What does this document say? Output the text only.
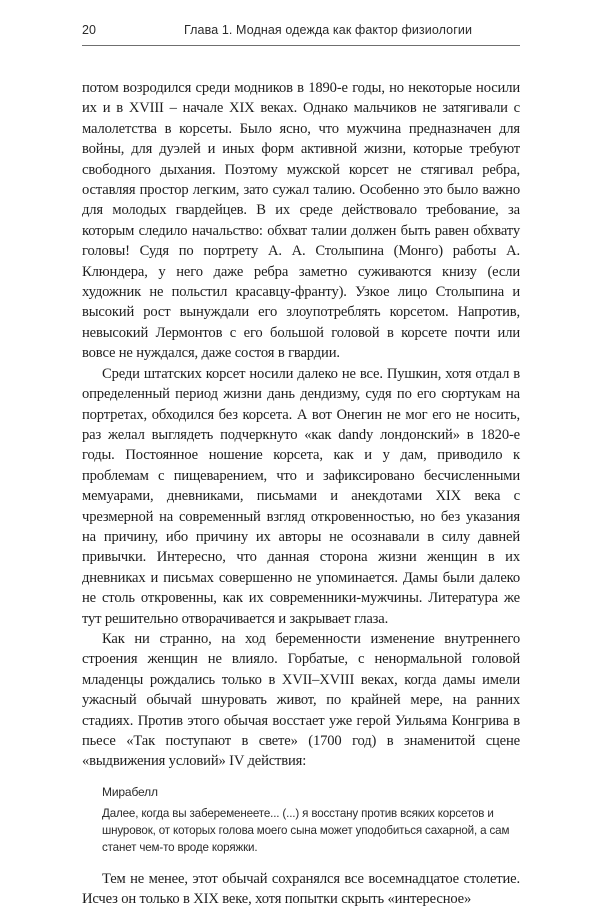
20	Глава 1. Модная одежда как фактор физиологии

потом возродился среди модников в 1890-е годы, но некоторые носили их и в XVIII – начале XIX веках. Однако мальчиков не затягивали с малолетства в корсеты. Было ясно, что мужчина предназначен для войны, для дуэлей и иных форм активной жизни, которые требуют свободного дыхания. Поэтому мужской корсет не стягивал ребра, оставляя простор легким, зато сужал талию. Особенно это было важно для молодых гвардейцев. В их среде действовало требование, за которым следило начальство: обхват талии должен быть равен обхвату головы! Судя по портрету А. А. Столыпина (Монго) работы А. Клюндера, у него даже ребра заметно суживаются книзу (если художник не польстил красавцу-франту). Узкое лицо Столыпина и высокий рост вынуждали его злоупотреблять корсетом. Напротив, невысокий Лермонтов с его большой головой в корсете почти или вовсе не нуждался, даже состоя в гвардии.

Среди штатских корсет носили далеко не все. Пушкин, хотя отдал в определенный период жизни дань дендизму, судя по его сюртукам на портретах, обходился без корсета. А вот Онегин не мог его не носить, раз желал выглядеть подчеркнуто «как dandy лондонский» в 1820-е годы. Постоянное ношение корсета, как и у дам, приводило к проблемам с пищеварением, что и зафиксировано бесчисленными мемуарами, дневниками, письмами и анекдотами XIX века с чрезмерной на современный взгляд откровенностью, но без указания на причину, ибо причину их авторы не осознавали в силу давней привычки. Интересно, что данная сторона жизни женщин в их дневниках и письмах совершенно не упоминается. Дамы были далеко не столь откровенны, как их современники-мужчины. Литература же тут решительно отворачивается и закрывает глаза.

Как ни странно, на ход беременности изменение внутреннего строения женщин не влияло. Горбатые, с ненормальной головой младенцы рождались только в XVII–XVIII веках, когда дамы имели ужасный обычай шнуровать живот, по крайней мере, на ранних стадиях. Против этого обычая восстает уже герой Уильяма Конгрива в пьесе «Так поступают в свете» (1700 год) в знаменитой сцене «выдвижения условий» IV действия:

Мирабелл

Далее, когда вы забеременеете... (...) я восстану против всяких корсетов и шнуровок, от которых голова моего сына может уподобиться сахарной, а сам станет чем-то вроде коряжки.

Тем не менее, этот обычай сохранялся все восемнадцатое столетие. Исчез он только в XIX веке, хотя попытки скрыть «интересное»
